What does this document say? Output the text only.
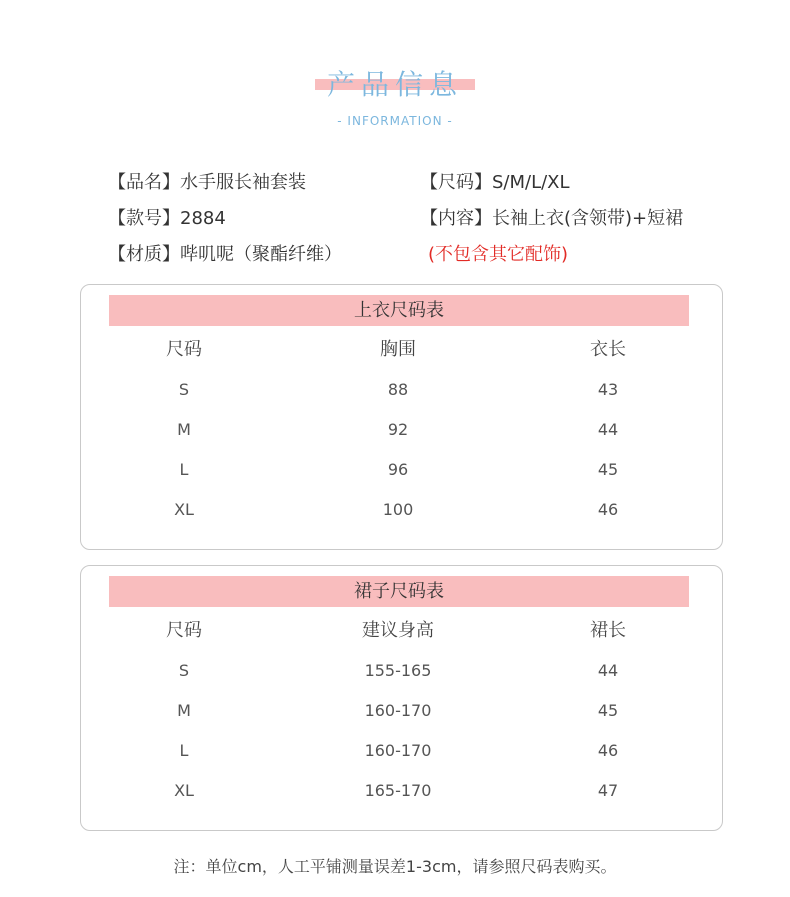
产品信息
- INFORMATION -
【品名】水手服长袖套装	【尺码】S/M/L/XL
【款号】2884	【内容】长袖上衣(含领带)+短裙
【材质】哔叽呢（聚酯纤维）	(不包含其它配饰)
上衣尺码表
尺码	胸围	衣长
S	88	43
M	92	44
L	96	45
XL	100	46
裙子尺码表
尺码	建议身高	裙长
S	155-165	44
M	160-170	45
L	160-170	46
XL	165-170	47
注：单位cm，人工平铺测量误差1-3cm，请参照尺码表购买。
